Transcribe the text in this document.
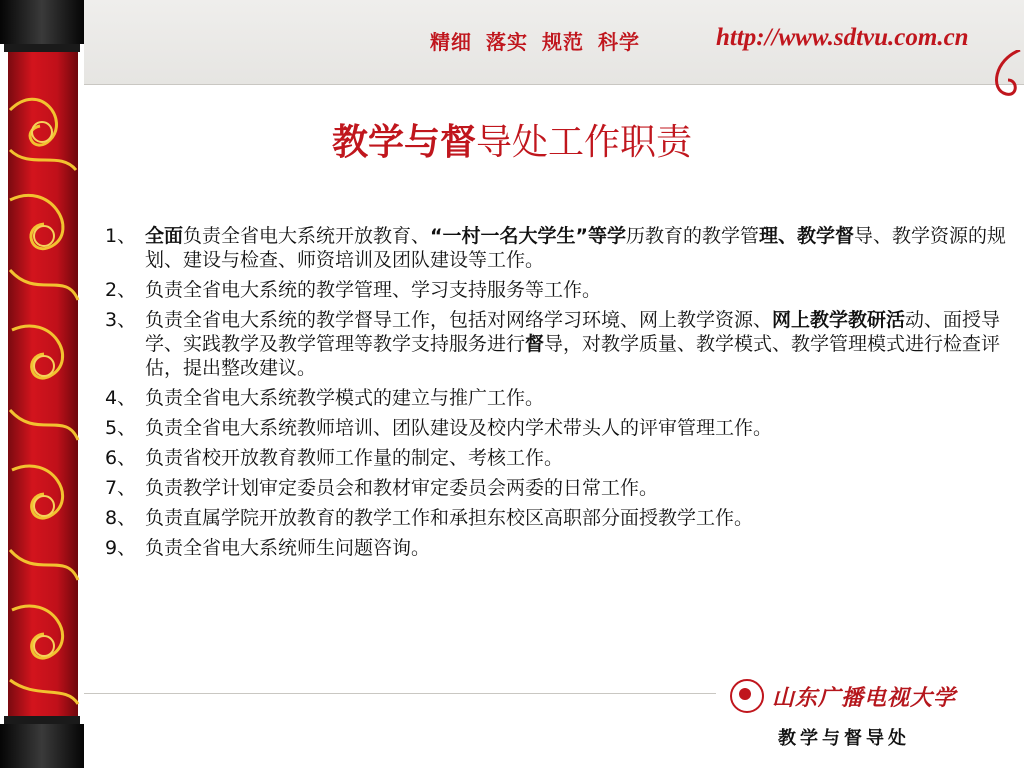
精细 落实 规范 科学	http://www.sdtvu.com.cn
教学与督导处工作职责
1、 全面负责全省电大系统开放教育、“一村一名大学生”等学历教育的教学管理、教学督导、教学资源的规划、建设与检查、师资培训及团队建设等工作。
2、 负责全省电大系统的教学管理、学习支持服务等工作。
3、 负责全省电大系统的教学督导工作，包括对网络学习环境、网上教学资源、网上教学教研活动、面授导学、实践教学及教学管理等教学支持服务进行督导，对教学质量、教学模式、教学管理模式进行检查评估，提出整改建议。
4、 负责全省电大系统教学模式的建立与推广工作。
5、 负责全省电大系统教师培训、团队建设及校内学术带头人的评审管理工作。
6、 负责省校开放教育教师工作量的制定、考核工作。
7、 负责教学计划审定委员会和教材审定委员会两委的日常工作。
8、 负责直属学院开放教育的教学工作和承担东校区高职部分面授教学工作。
9、 负责全省电大系统师生问题咨询。
山东广播电视大学
教学与督导处
